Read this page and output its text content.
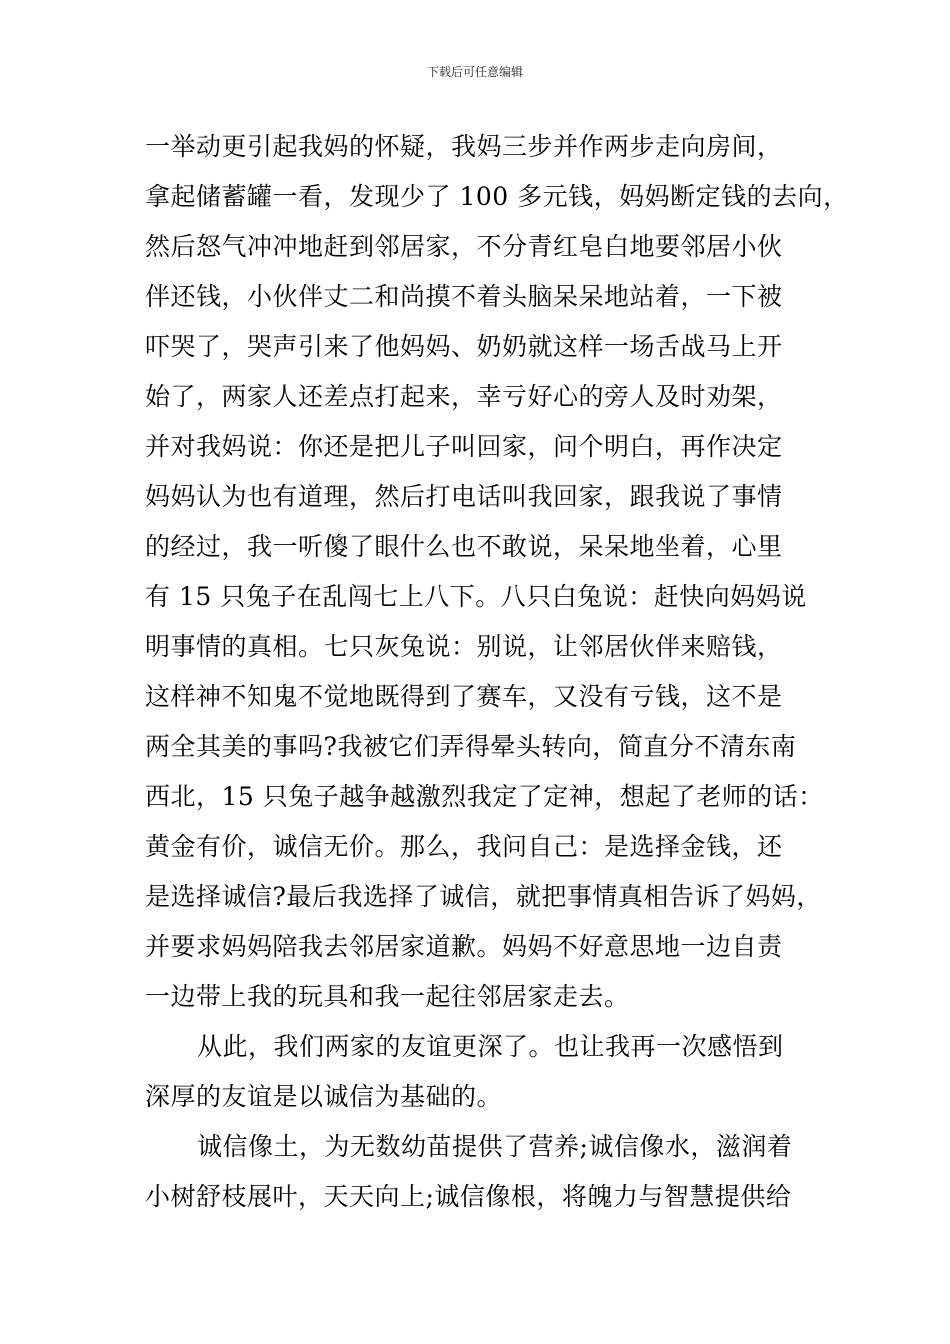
下载后可任意编辑
一举动更引起我妈的怀疑，我妈三步并作两步走向房间，
拿起储蓄罐一看，发现少了 100 多元钱，妈妈断定钱的去向，
然后怒气冲冲地赶到邻居家，不分青红皂白地要邻居小伙
伴还钱，小伙伴丈二和尚摸不着头脑呆呆地站着，一下被
吓哭了，哭声引来了他妈妈、奶奶就这样一场舌战马上开
始了，两家人还差点打起来，幸亏好心的旁人及时劝架，
并对我妈说：你还是把儿子叫回家，问个明白，再作决定
妈妈认为也有道理，然后打电话叫我回家，跟我说了事情
的经过，我一听傻了眼什么也不敢说，呆呆地坐着，心里
有 15 只兔子在乱闯七上八下。八只白兔说：赶快向妈妈说
明事情的真相。七只灰兔说：别说，让邻居伙伴来赔钱，
这样神不知鬼不觉地既得到了赛车，又没有亏钱，这不是
两全其美的事吗?我被它们弄得晕头转向，简直分不清东南
西北，15 只兔子越争越激烈我定了定神，想起了老师的话：
黄金有价，诚信无价。那么，我问自己：是选择金钱，还
是选择诚信?最后我选择了诚信，就把事情真相告诉了妈妈，
并要求妈妈陪我去邻居家道歉。妈妈不好意思地一边自责
一边带上我的玩具和我一起往邻居家走去。
从此，我们两家的友谊更深了。也让我再一次感悟到
深厚的友谊是以诚信为基础的。
诚信像土，为无数幼苗提供了营养;诚信像水，滋润着
小树舒枝展叶，天天向上;诚信像根，将魄力与智慧提供给
